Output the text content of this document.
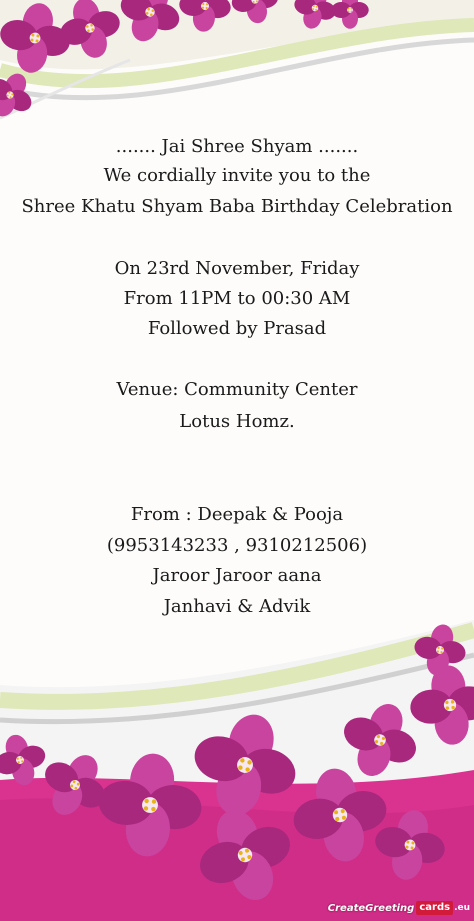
....... Jai Shree Shyam .......
We cordially invite you to the
Shree Khatu Shyam Baba Birthday Celebration
On 23rd November, Friday
From 11PM to 00:30 AM
Followed by Prasad
Venue: Community Center
Lotus Homz.
From : Deepak & Pooja
(9953143233 , 9310212506)
Jaroor Jaroor aana
Janhavi & Advik
CreateGreeting cards .eu
